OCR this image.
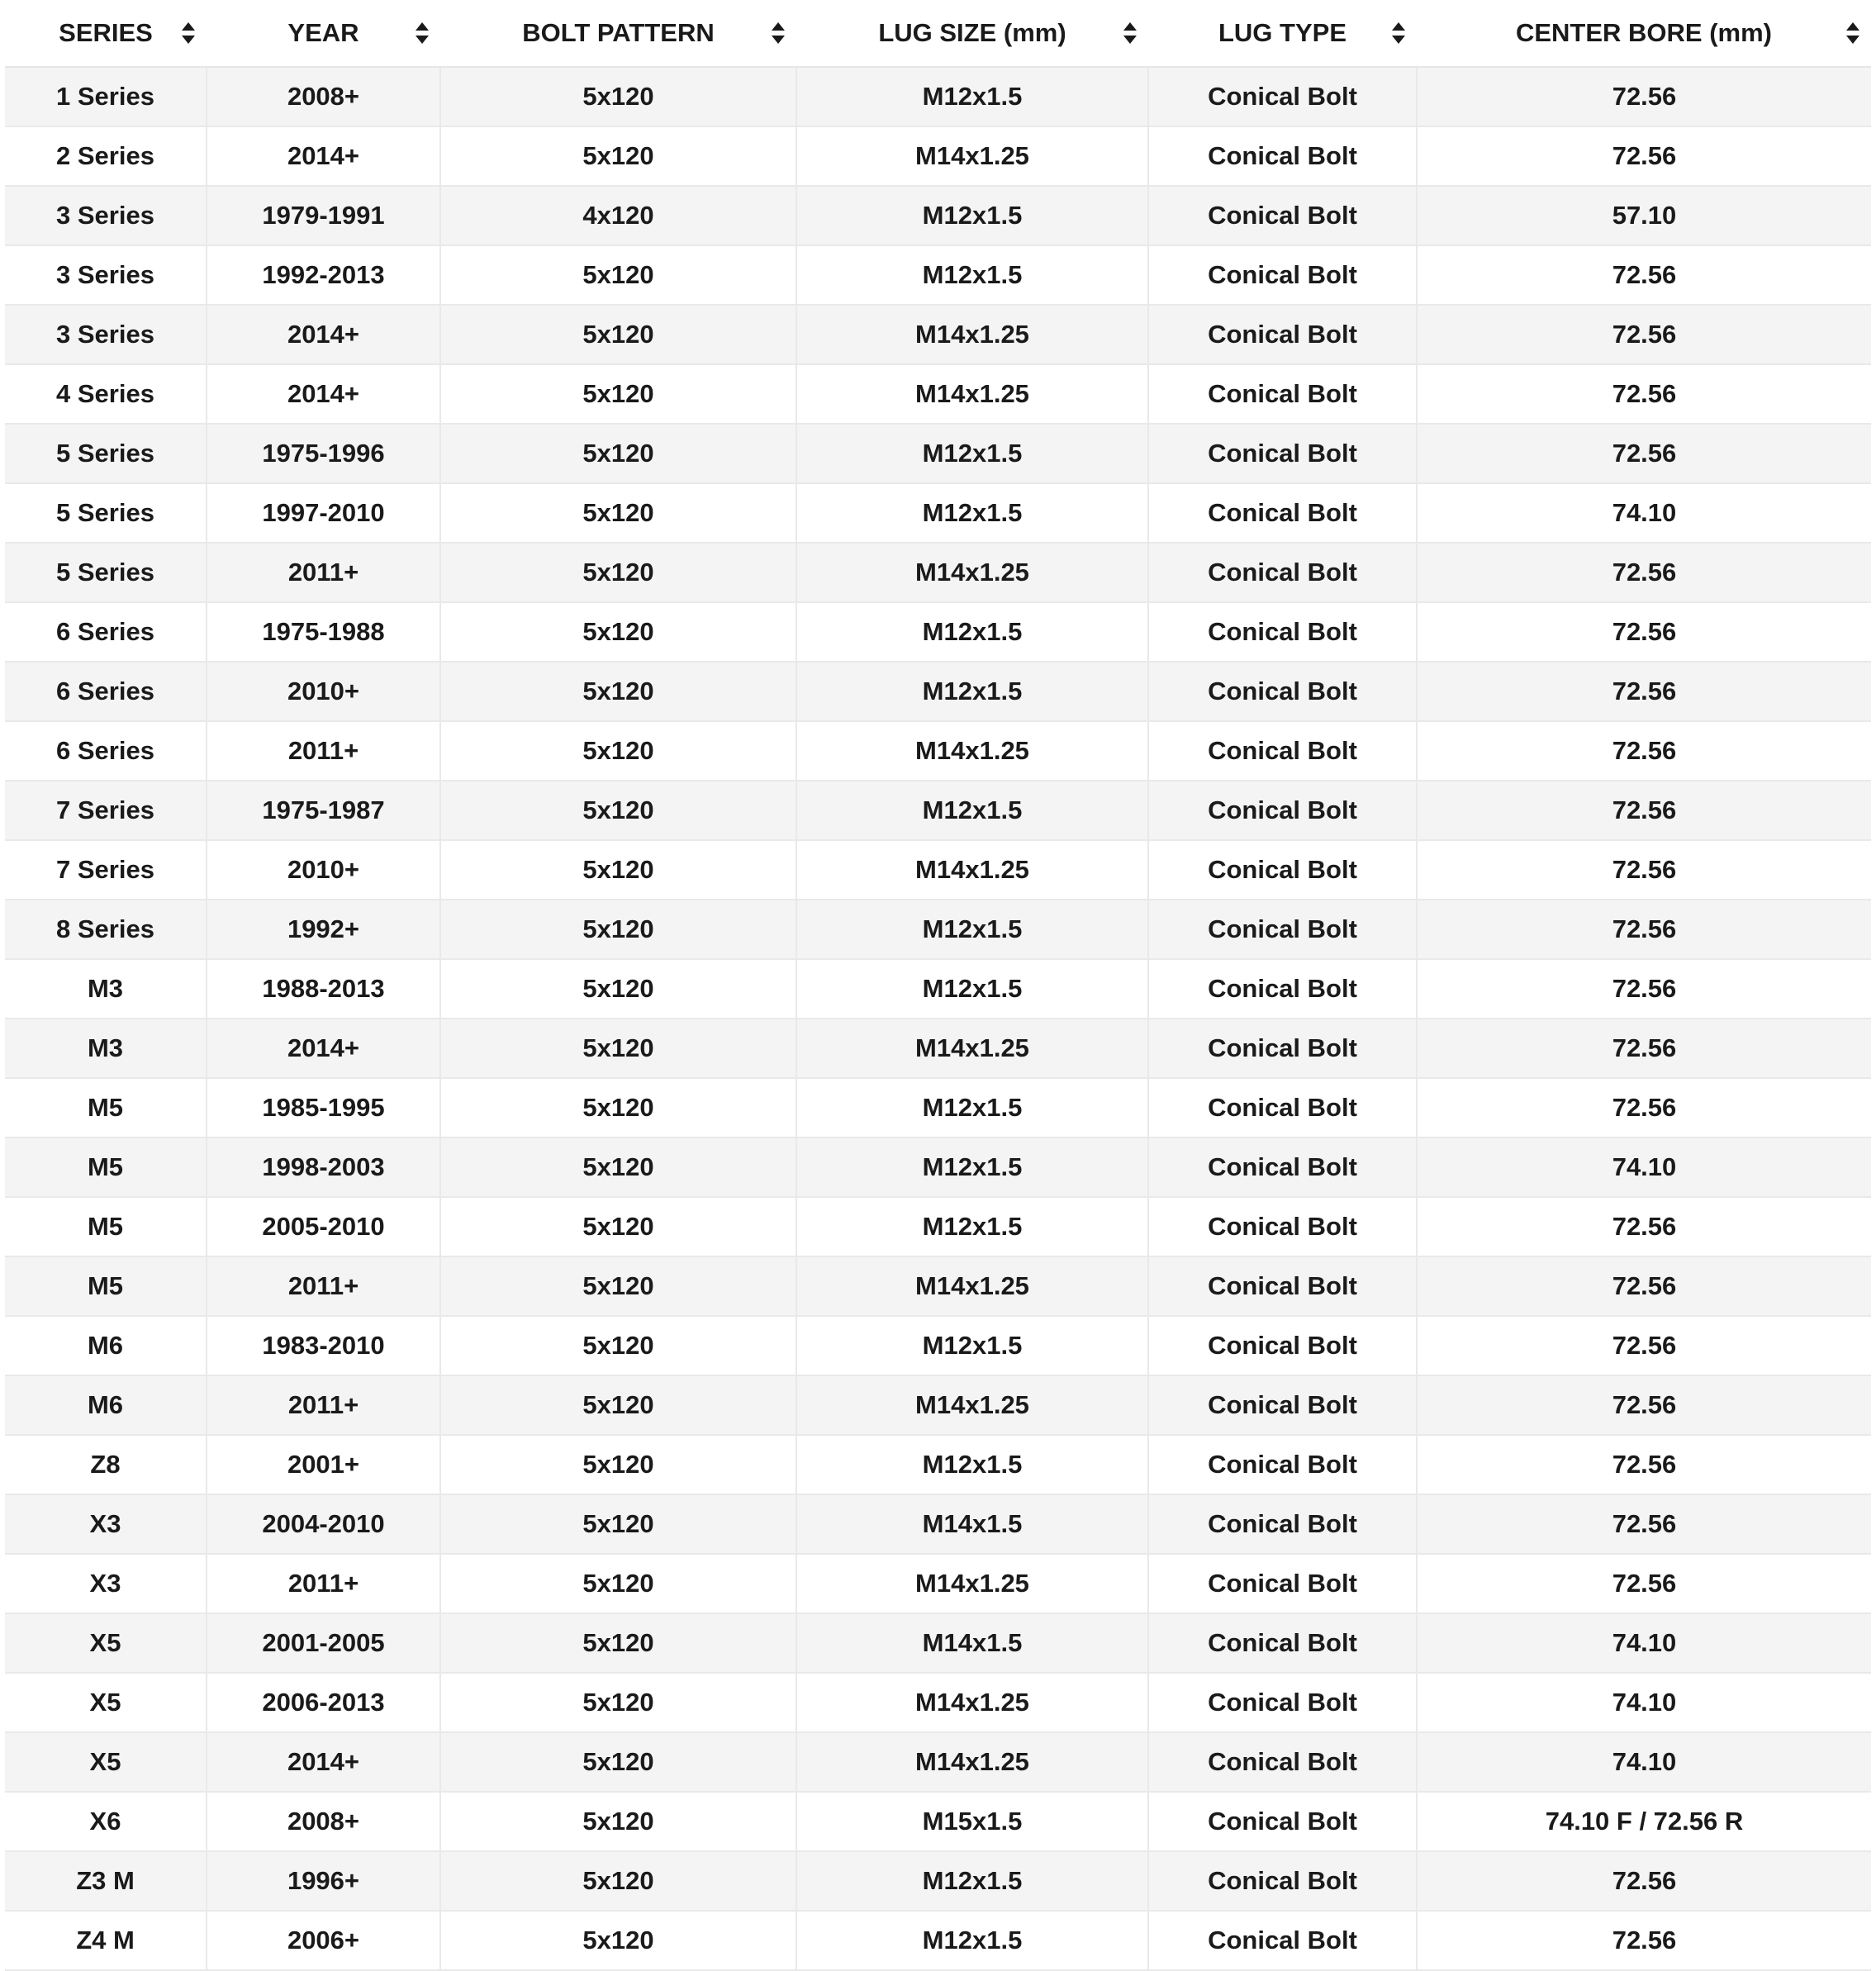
SERIES	YEAR	BOLT PATTERN	LUG SIZE (mm)	LUG TYPE	CENTER BORE (mm)

1 Series	2008+	5x120	M12x1.5	Conical Bolt	72.56
2 Series	2014+	5x120	M14x1.25	Conical Bolt	72.56
3 Series	1979-1991	4x120	M12x1.5	Conical Bolt	57.10
3 Series	1992-2013	5x120	M12x1.5	Conical Bolt	72.56
3 Series	2014+	5x120	M14x1.25	Conical Bolt	72.56
4 Series	2014+	5x120	M14x1.25	Conical Bolt	72.56
5 Series	1975-1996	5x120	M12x1.5	Conical Bolt	72.56
5 Series	1997-2010	5x120	M12x1.5	Conical Bolt	74.10
5 Series	2011+	5x120	M14x1.25	Conical Bolt	72.56
6 Series	1975-1988	5x120	M12x1.5	Conical Bolt	72.56
6 Series	2010+	5x120	M12x1.5	Conical Bolt	72.56
6 Series	2011+	5x120	M14x1.25	Conical Bolt	72.56
7 Series	1975-1987	5x120	M12x1.5	Conical Bolt	72.56
7 Series	2010+	5x120	M14x1.25	Conical Bolt	72.56
8 Series	1992+	5x120	M12x1.5	Conical Bolt	72.56
M3	1988-2013	5x120	M12x1.5	Conical Bolt	72.56
M3	2014+	5x120	M14x1.25	Conical Bolt	72.56
M5	1985-1995	5x120	M12x1.5	Conical Bolt	72.56
M5	1998-2003	5x120	M12x1.5	Conical Bolt	74.10
M5	2005-2010	5x120	M12x1.5	Conical Bolt	72.56
M5	2011+	5x120	M14x1.25	Conical Bolt	72.56
M6	1983-2010	5x120	M12x1.5	Conical Bolt	72.56
M6	2011+	5x120	M14x1.25	Conical Bolt	72.56
Z8	2001+	5x120	M12x1.5	Conical Bolt	72.56
X3	2004-2010	5x120	M14x1.5	Conical Bolt	72.56
X3	2011+	5x120	M14x1.25	Conical Bolt	72.56
X5	2001-2005	5x120	M14x1.5	Conical Bolt	74.10
X5	2006-2013	5x120	M14x1.25	Conical Bolt	74.10
X5	2014+	5x120	M14x1.25	Conical Bolt	74.10
X6	2008+	5x120	M15x1.5	Conical Bolt	74.10 F / 72.56 R
Z3 M	1996+	5x120	M12x1.5	Conical Bolt	72.56
Z4 M	2006+	5x120	M12x1.5	Conical Bolt	72.56
